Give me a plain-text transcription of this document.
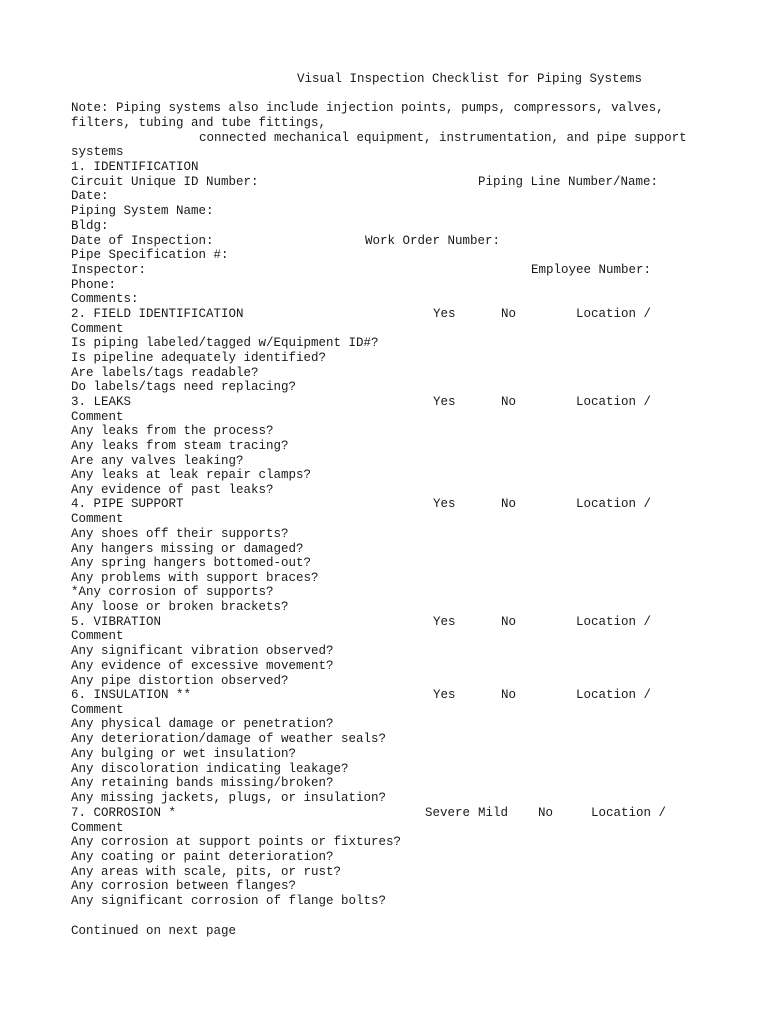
Visual Inspection Checklist for Piping Systems
Note: Piping systems also include injection points, pumps, compressors, valves,
filters, tubing and tube fittings,
connected mechanical equipment, instrumentation, and pipe support
systems
1. IDENTIFICATION
Circuit Unique ID Number:	Piping Line Number/Name:
Date:
Piping System Name:
Bldg:
Date of Inspection:	Work Order Number:
Pipe Specification #:
Inspector:	Employee Number:
Phone:
Comments:
2. FIELD IDENTIFICATION	Yes	No	Location /
Comment
Is piping labeled/tagged w/Equipment ID#?
Is pipeline adequately identified?
Are labels/tags readable?
Do labels/tags need replacing?
3. LEAKS	Yes	No	Location /
Comment
Any leaks from the process?
Any leaks from steam tracing?
Are any valves leaking?
Any leaks at leak repair clamps?
Any evidence of past leaks?
4. PIPE SUPPORT	Yes	No	Location /
Comment
Any shoes off their supports?
Any hangers missing or damaged?
Any spring hangers bottomed-out?
Any problems with support braces?
*Any corrosion of supports?
Any loose or broken brackets?
5. VIBRATION	Yes	No	Location /
Comment
Any significant vibration observed?
Any evidence of excessive movement?
Any pipe distortion observed?
6. INSULATION **	Yes	No	Location /
Comment
Any physical damage or penetration?
Any deterioration/damage of weather seals?
Any bulging or wet insulation?
Any discoloration indicating leakage?
Any retaining bands missing/broken?
Any missing jackets, plugs, or insulation?
7. CORROSION *	Severe Mild No	Location /
Comment
Any corrosion at support points or fixtures?
Any coating or paint deterioration?
Any areas with scale, pits, or rust?
Any corrosion between flanges?
Any significant corrosion of flange bolts?
Continued on next page
